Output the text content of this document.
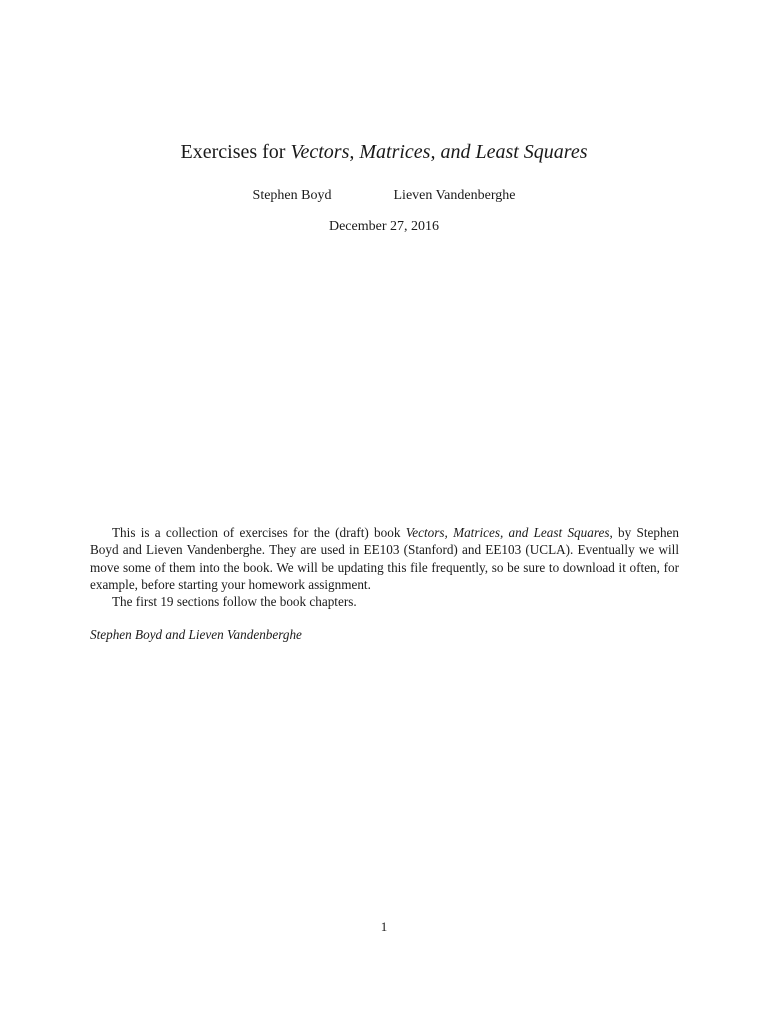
Exercises for Vectors, Matrices, and Least Squares
Stephen Boyd	Lieven Vandenberghe
December 27, 2016

This is a collection of exercises for the (draft) book Vectors, Matrices, and Least Squares, by Stephen Boyd and Lieven Vandenberghe. They are used in EE103 (Stanford) and EE103 (UCLA). Eventually we will move some of them into the book. We will be updating this file frequently, so be sure to download it often, for example, before starting your homework assignment.

The first 19 sections follow the book chapters.

Stephen Boyd and Lieven Vandenberghe
1
